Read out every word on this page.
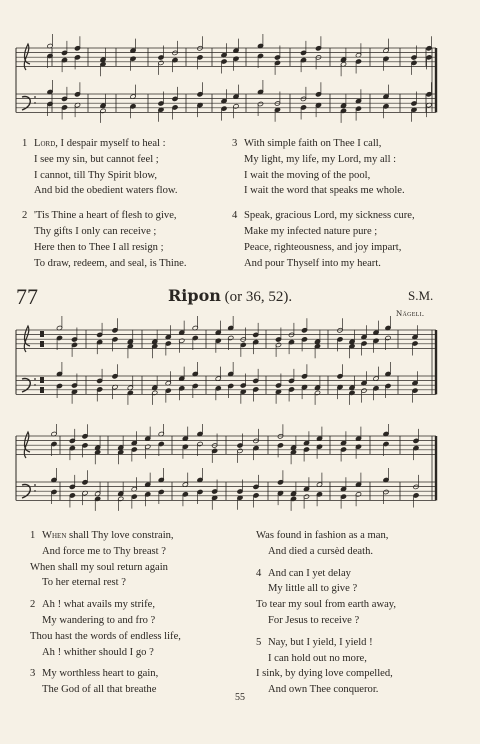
1 Lord, I despair myself to heal :
I see my sin, but cannot feel ;
I cannot, till Thy Spirit blow,
And bid the obedient waters flow.
2 'Tis Thine a heart of flesh to give,
Thy gifts I only can receive ;
Here then to Thee I all resign ;
To draw, redeem, and seal, is Thine.
3 With simple faith on Thee I call,
My light, my life, my Lord, my all :
I wait the moving of the pool,
I wait the word that speaks me whole.
4 Speak, gracious Lord, my sickness cure,
Make my infected nature pure ;
Peace, righteousness, and joy impart,
And pour Thyself into my heart.
77	Ripon (or 36, 52).	S.M.
Nägeli.
1 When shall Thy love constrain,
And force me to Thy breast ?
When shall my soul return again
To her eternal rest ?
2 Ah ! what avails my strife,
My wandering to and fro ?
Thou hast the words of endless life,
Ah ! whither should I go ?
3 My worthless heart to gain,
The God of all that breathe
Was found in fashion as a man,
And died a cursèd death.
4 And can I yet delay
My little all to give ?
To tear my soul from earth away,
For Jesus to receive ?
5 Nay, but I yield, I yield !
I can hold out no more,
I sink, by dying love compelled,
And own Thee conqueror.
55
